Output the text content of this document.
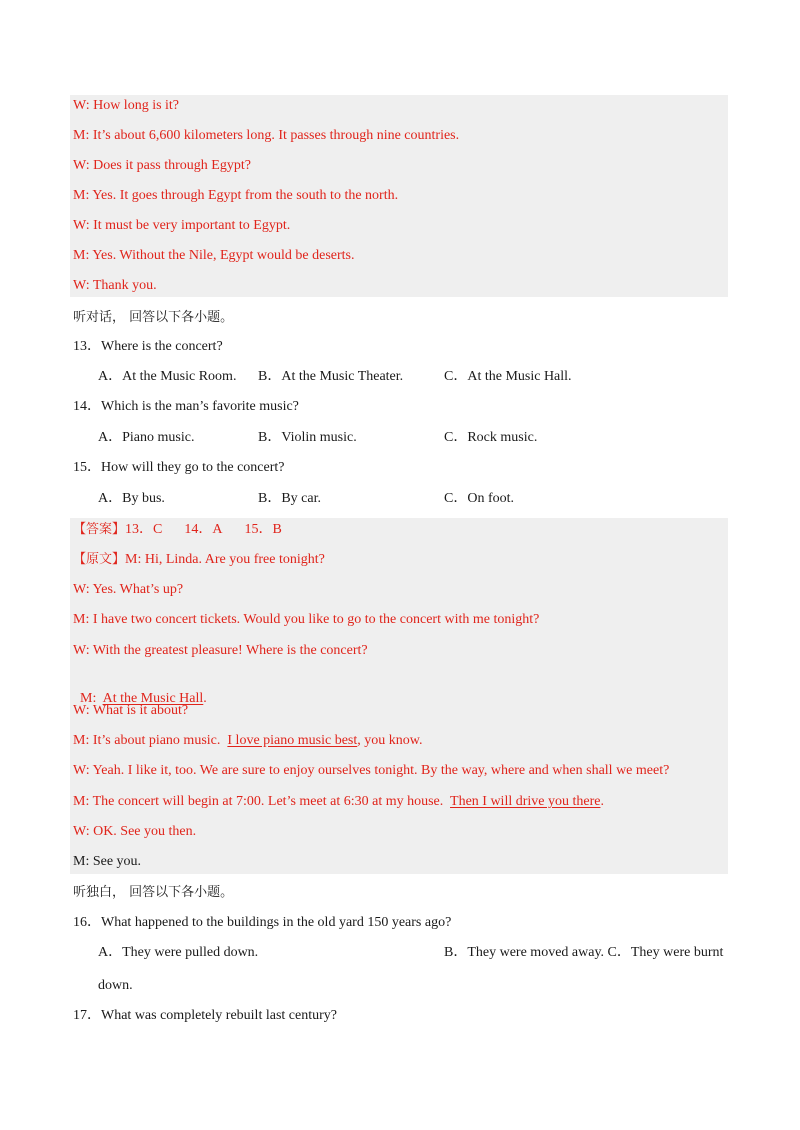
W: How long is it?
M: It’s about 6,600 kilometers long. It passes through nine countries.
W: Does it pass through Egypt?
M: Yes. It goes through Egypt from the south to the north.
W: It must be very important to Egypt.
M: Yes. Without the Nile, Egypt would be deserts.
W: Thank you.
听对话， 回答以下各小题。
13．Where is the concert?
A．At the Music Room. B．At the Music Theater.	C．At the Music Hall.
14．Which is the man’s favorite music?
A．Piano music.	B．Violin music.	C．Rock music.
15．How will they go to the concert?
A．By bus.	B．By car.	C．On foot.
【答案】13．C 14．A 15．B
【原文】M: Hi, Linda. Are you free tonight?
W: Yes. What’s up?
M: I have two concert tickets. Would you like to go to the concert with me tonight?
W: With the greatest pleasure! Where is the concert?

M:  At the Music Hall.

W: What is it about?
M: It’s about piano music.  I love piano music best, you know.
W: Yeah. I like it, too. We are sure to enjoy ourselves tonight. By the way, where and when shall we meet?
M: The concert will begin at 7:00. Let’s meet at 6:30 at my house.  Then I will drive you there.
W: OK. See you then.
M: See you.
听独白， 回答以下各小题。
16．What happened to the buildings in the old yard 150 years ago?
A．They were pulled down.	B．They were moved away. C．They were burnt
down.
17．What was completely rebuilt last century?
